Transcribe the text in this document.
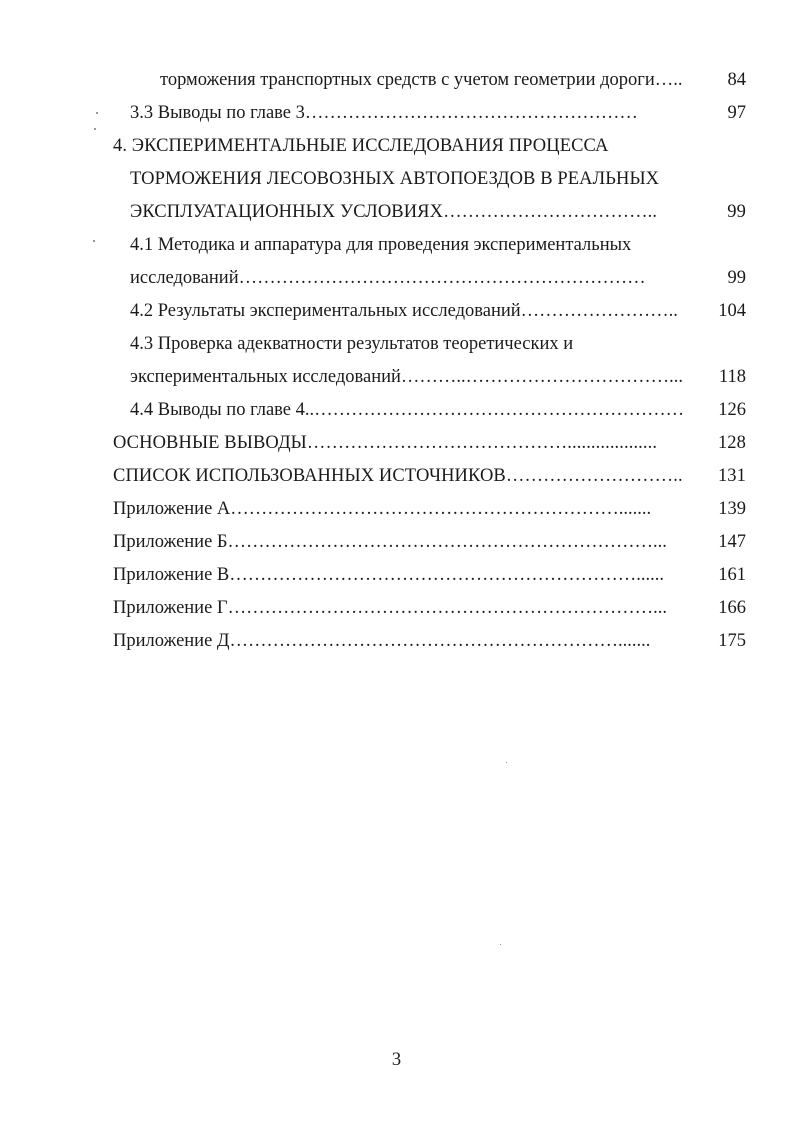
торможения транспортных средств с учетом геометрии дороги…..	84
3.3 Выводы по главе 3………………………………………………	97
4. ЭКСПЕРИМЕНТАЛЬНЫЕ ИССЛЕДОВАНИЯ ПРОЦЕССА
ТОРМОЖЕНИЯ ЛЕСОВОЗНЫХ АВТОПОЕЗДОВ В РЕАЛЬНЫХ
ЭКСПЛУАТАЦИОННЫХ УСЛОВИЯХ……………………………..	99
4.1 Методика и аппаратура для проведения экспериментальных
исследований…………………………………………………………	99
4.2 Результаты экспериментальных исследований……………………..	104
4.3 Проверка адекватности результатов теоретических и
экспериментальных исследований………..……………………………...	118
4.4 Выводы по главе 4..……………………………………………………	126
ОСНОВНЫЕ ВЫВОДЫ……………………………………...................	128
СПИСОК ИСПОЛЬЗОВАННЫХ ИСТОЧНИКОВ………………………..	131
Приложение А……………………………………………………….......	139
Приложение Б……………………………………………………………...	147
Приложение В…………………………………………………………......	161
Приложение Г……………………………………………………………...	166
Приложение Д……………………………………………………….......	175
3
